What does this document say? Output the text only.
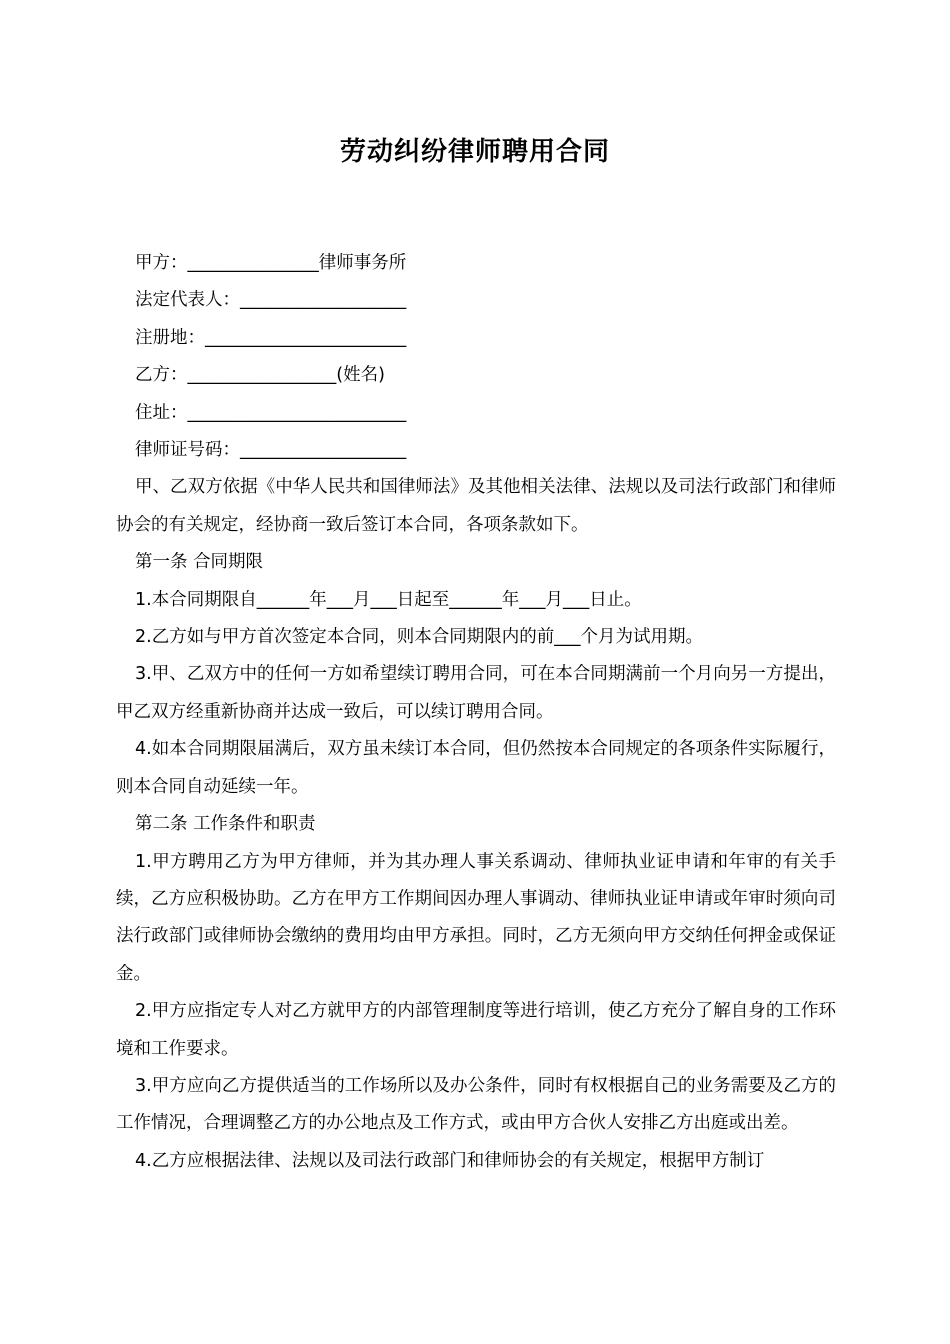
劳动纠纷律师聘用合同

甲方：_______________律师事务所

法定代表人：___________________

注册地：_______________________

乙方：_________________(姓名)

住址：_________________________

律师证号码：___________________

甲、乙双方依据《中华人民共和国律师法》及其他相关法律、法规以及司法行政部门和律师协会的有关规定，经协商一致后签订本合同，各项条款如下。

第一条 合同期限

1.本合同期限自______年___月___日起至______年___月___日止。

2.乙方如与甲方首次签定本合同，则本合同期限内的前___个月为试用期。

3.甲、乙双方中的任何一方如希望续订聘用合同，可在本合同期满前一个月向另一方提出，甲乙双方经重新协商并达成一致后，可以续订聘用合同。

4.如本合同期限届满后，双方虽未续订本合同，但仍然按本合同规定的各项条件实际履行，则本合同自动延续一年。

第二条 工作条件和职责

1.甲方聘用乙方为甲方律师，并为其办理人事关系调动、律师执业证申请和年审的有关手续，乙方应积极协助。乙方在甲方工作期间因办理人事调动、律师执业证申请或年审时须向司法行政部门或律师协会缴纳的费用均由甲方承担。同时，乙方无须向甲方交纳任何押金或保证金。

2.甲方应指定专人对乙方就甲方的内部管理制度等进行培训，使乙方充分了解自身的工作环境和工作要求。

3.甲方应向乙方提供适当的工作场所以及办公条件，同时有权根据自己的业务需要及乙方的工作情况，合理调整乙方的办公地点及工作方式，或由甲方合伙人安排乙方出庭或出差。

4.乙方应根据法律、法规以及司法行政部门和律师协会的有关规定，根据甲方制订
